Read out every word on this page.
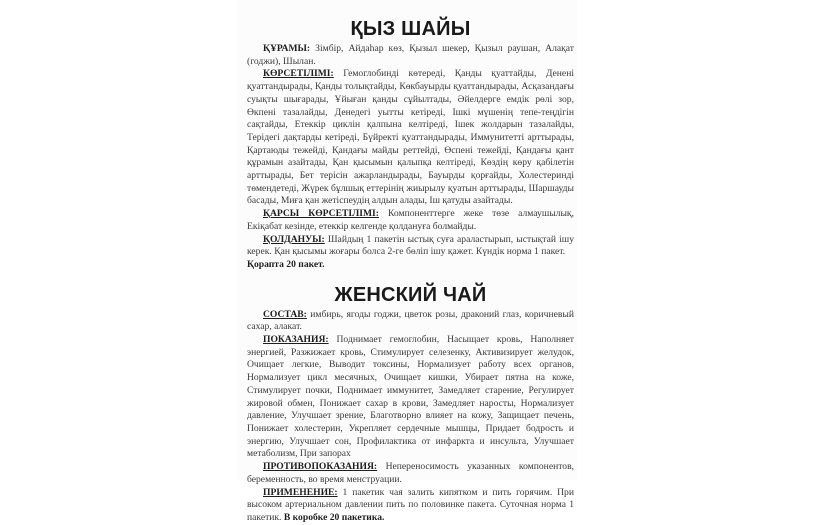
ҚЫЗ ШАЙЫ

ҚҰРАМЫ: Зімбір, Айдаһар көз, Қызыл шекер, Қызыл раушан, Алақат (годжи), Шылан.

КӨРСЕТІЛІМІ: Гемоглобинді көтереді, Қанды қуаттайды, Денені қуаттандырады, Қанды толықтайды, Көкбауырды қуаттандырады, Асқазандағы суықты шығарады, Ұйыған қанды сұйылтады, Әйелдерге емдік рөлі зор, Өкпені тазалайды, Денедегі уытты кетіреді, Ішкі мүшенің тепе-теңдігін сақтайды, Етеккір циклін қалпына келтіреді, Ішек жолдарын тазалайды, Терідегі дақтарды кетіреді, Бүйректі қуаттандырады, Иммунитетті арттырады, Қартаюды тежейді, Қандағы майды реттейді, Өспені тежейді, Қандағы қант құрамын азайтады, Қан қысымын қалыпқа келтіреді, Көздің көру қабілетін арттырады, Бет терісін ажарландырады, Бауырды қорғайды, Холестеринді төмендетеді, Жүрек бұлшық еттерінің жиырылу қуатын арттырады, Шаршауды басады, Миға қан жетіспеудің алдын алады, Іш қатуды азайтады.

ҚАРСЫ КӨРСЕТІЛІМІ: Компоненттерге жеке төзе алмаушылық, Екіқабат кезінде, етеккір келгенде қолдануға болмайды.

ҚОЛДАНУЫ: Шайдың 1 пакетін ыстық суға араластырып, ыстықтай ішу керек. Қан қысымы жоғары болса 2-ге бөліп ішу қажет. Күндік норма 1 пакет.

Қорапта 20 пакет.
ЖЕНСКИЙ ЧАЙ

СОСТАВ: имбирь, ягоды годжи, цветок розы, драконий глаз, коричневый сахар, алакат.

ПОКАЗАНИЯ: Поднимает гемоглобин, Насыщает кровь, Наполняет энергией, Разжижает кровь, Стимулирует селезенку, Активизирует желудок, Очищает легкие, Выводит токсины, Нормализует работу всех органов, Нормализует цикл месячных, Очищает кишки, Убирает пятна на коже, Стимулирует почки, Поднимает иммунитет, Замедляет старение, Регулирует жировой обмен, Понижает сахар в крови, Замедляет наросты, Нормализует давление, Улучшает зрение, Благотворно влияет на кожу, Защищает печень, Понижает холестерин, Укрепляет сердечные мышцы, Придает бодрость и энергию, Улучшает сон, Профилактика от инфаркта и инсульта, Улучшает метаболизм, При запорах

ПРОТИВОПОКАЗАНИЯ: Непереносимость указанных компонентов, беременность, во время менструации.

ПРИМЕНЕНИЕ: 1 пакетик чая залить кипятком и пить горячим. При высоком артериальном давлении пить по половинке пакета. Суточная норма 1 пакетик. В коробке 20 пакетика.
